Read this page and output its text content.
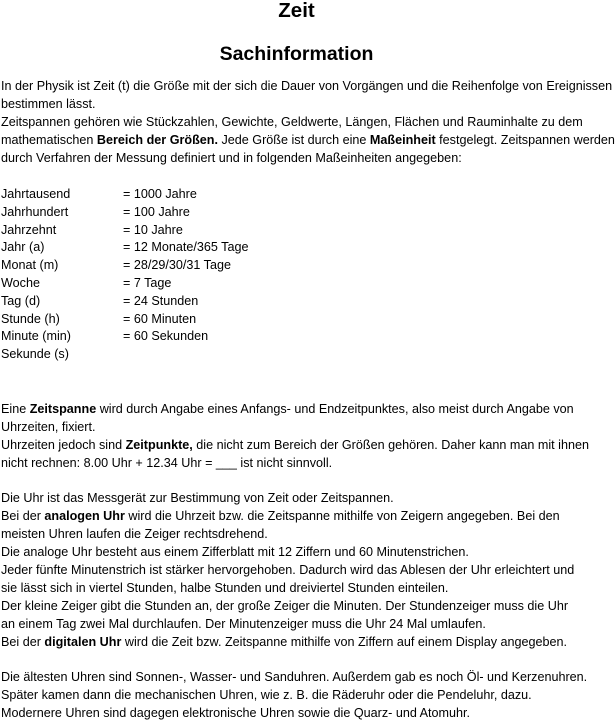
Zeit
Sachinformation
In der Physik ist Zeit (t) die Größe mit der sich die Dauer von Vorgängen und die Reihenfolge von Ereignissen
bestimmen lässt.
Zeitspannen gehören wie Stückzahlen, Gewichte, Geldwerte, Längen, Flächen und Rauminhalte zu dem
mathematischen Bereich der Größen. Jede Größe ist durch eine Maßeinheit festgelegt. Zeitspannen werden
durch Verfahren der Messung definiert und in folgenden Maßeinheiten angegeben:
Jahrtausend	= 1000 Jahre
Jahrhundert	= 100 Jahre
Jahrzehnt	= 10 Jahre
Jahr (a)	= 12 Monate/365 Tage
Monat (m)	= 28/29/30/31 Tage
Woche	= 7 Tage
Tag (d)	= 24 Stunden
Stunde (h)	= 60 Minuten
Minute (min)	= 60 Sekunden
Sekunde (s)
Eine Zeitspanne wird durch Angabe eines Anfangs- und Endzeitpunktes, also meist durch Angabe von
Uhrzeiten, fixiert.
Uhrzeiten jedoch sind Zeitpunkte, die nicht zum Bereich der Größen gehören. Daher kann man mit ihnen
nicht rechnen: 8.00 Uhr + 12.34 Uhr = ___ ist nicht sinnvoll.
Die Uhr ist das Messgerät zur Bestimmung von Zeit oder Zeitspannen.
Bei der analogen Uhr wird die Uhrzeit bzw. die Zeitspanne mithilfe von Zeigern angegeben. Bei den
meisten Uhren laufen die Zeiger rechtsdrehend.
Die analoge Uhr besteht aus einem Zifferblatt mit 12 Ziffern und 60 Minutenstrichen.
Jeder fünfte Minutenstrich ist stärker hervorgehoben. Dadurch wird das Ablesen der Uhr erleichtert und
sie lässt sich in viertel Stunden, halbe Stunden und dreiviertel Stunden einteilen.
Der kleine Zeiger gibt die Stunden an, der große Zeiger die Minuten. Der Stundenzeiger muss die Uhr
an einem Tag zwei Mal durchlaufen. Der Minutenzeiger muss die Uhr 24 Mal umlaufen.
Bei der digitalen Uhr wird die Zeit bzw. Zeitspanne mithilfe von Ziffern auf einem Display angegeben.
Die ältesten Uhren sind Sonnen-, Wasser- und Sanduhren. Außerdem gab es noch Öl- und Kerzenuhren.
Später kamen dann die mechanischen Uhren, wie z. B. die Räderuhr oder die Pendeluhr, dazu.
Modernere Uhren sind dagegen elektronische Uhren sowie die Quarz- und Atomuhr.
